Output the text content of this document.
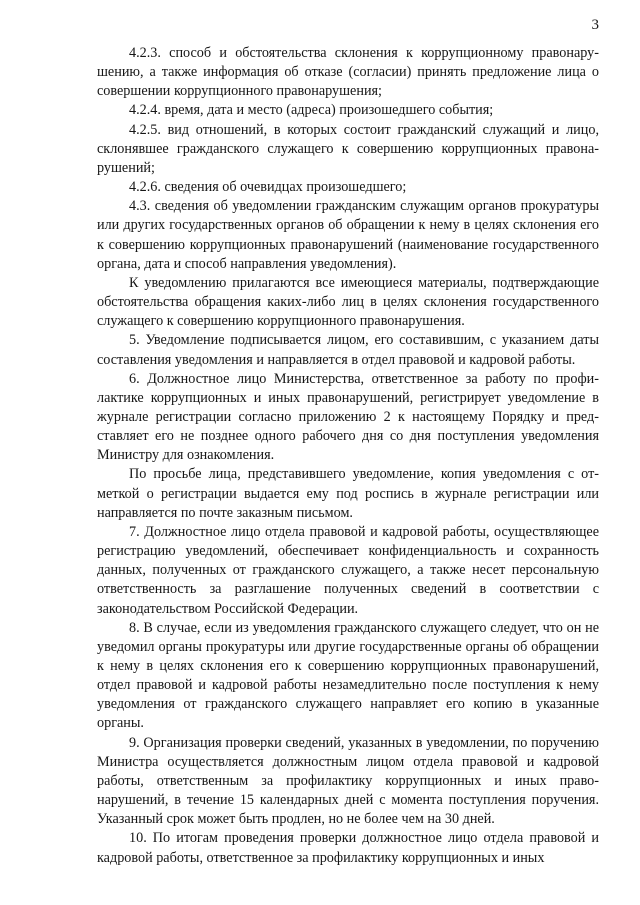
3

4.2.3. способ и обстоятельства склонения к коррупционному правонарушению, а также информация об отказе (согласии) принять предложение лица о совершении коррупционного правонарушения;

4.2.4. время, дата и место (адреса) произошедшего события;

4.2.5. вид отношений, в которых состоит гражданский служащий и лицо, склонявшее гражданского служащего к совершению коррупционных правонарушений;

4.2.6. сведения об очевидцах произошедшего;

4.3. сведения об уведомлении гражданским служащим органов прокуратуры или других государственных органов об обращении к нему в целях склонения его к совершению коррупционных правонарушений (наименование государственного органа, дата и способ направления уведомления).

К уведомлению прилагаются все имеющиеся материалы, подтверждающие обстоятельства обращения каких-либо лиц в целях склонения государственного служащего к совершению коррупционного правонарушения.

5. Уведомление подписывается лицом, его составившим, с указанием даты составления уведомления и направляется в отдел правовой и кадровой работы.

6. Должностное лицо Министерства, ответственное за работу по профилактике коррупционных и иных правонарушений, регистрирует уведомление в журнале регистрации согласно приложению 2 к настоящему Порядку и представляет его не позднее одного рабочего дня со дня поступления уведомления Министру для ознакомления.

По просьбе лица, представившего уведомление, копия уведомления с отметкой о регистрации выдается ему под роспись в журнале регистрации или направляется по почте заказным письмом.

7. Должностное лицо отдела правовой и кадровой работы, осуществляющее регистрацию уведомлений, обеспечивает конфиденциальность и сохранность данных, полученных от гражданского служащего, а также несет персональную ответственность за разглашение полученных сведений в соответствии с законодательством Российской Федерации.

8. В случае, если из уведомления гражданского служащего следует, что он не уведомил органы прокуратуры или другие государственные органы об обращении к нему в целях склонения его к совершению коррупционных правонарушений, отдел правовой и кадровой работы незамедлительно после поступления к нему уведомления от гражданского служащего направляет его копию в указанные органы.

9. Организация проверки сведений, указанных в уведомлении, по поручению Министра осуществляется должностным лицом отдела правовой и кадровой работы, ответственным за профилактику коррупционных и иных правонарушений, в течение 15 календарных дней с момента поступления поручения. Указанный срок может быть продлен, но не более чем на 30 дней.

10. По итогам проведения проверки должностное лицо отдела правовой и кадровой работы, ответственное за профилактику коррупционных и иных
